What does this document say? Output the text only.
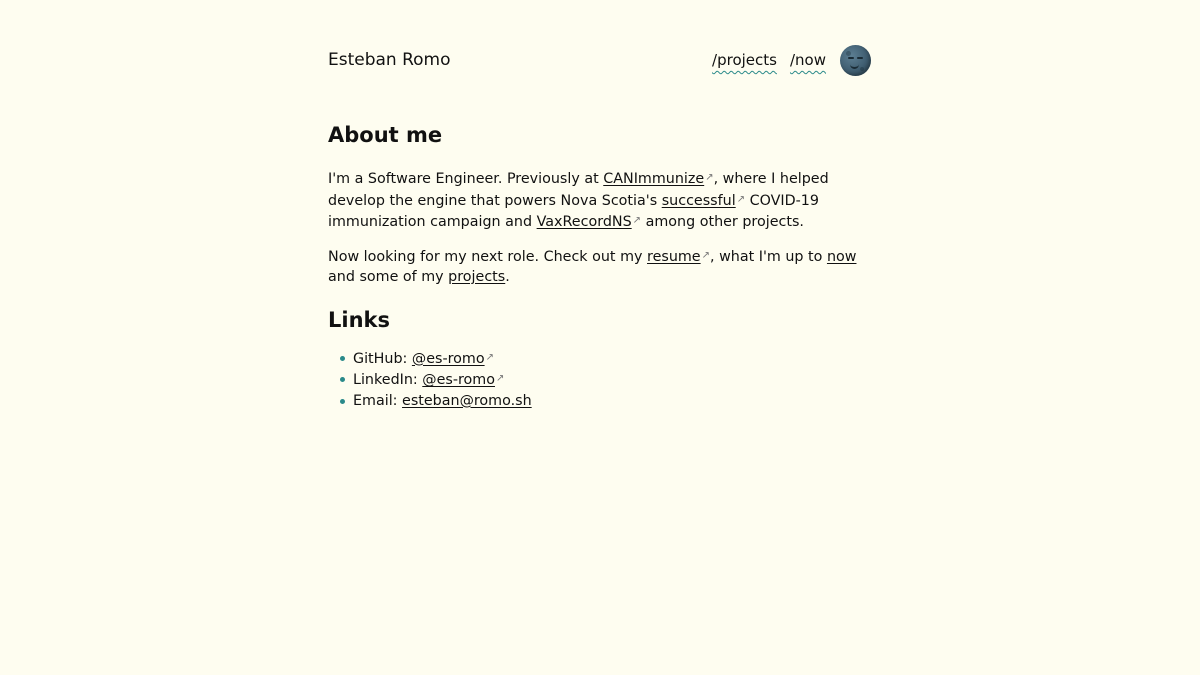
Esteban Romo	/projects /now
About me

I'm a Software Engineer. Previously at CANImmunize↗, where I helped develop the engine that powers Nova Scotia's successful↗ COVID-19 immunization campaign and VaxRecordNS↗ among other projects.

Now looking for my next role. Check out my resume↗, what I'm up to now and some of my projects.

Links
GitHub: @es-romo↗
LinkedIn: @es-romo↗
Email: esteban@romo.sh
